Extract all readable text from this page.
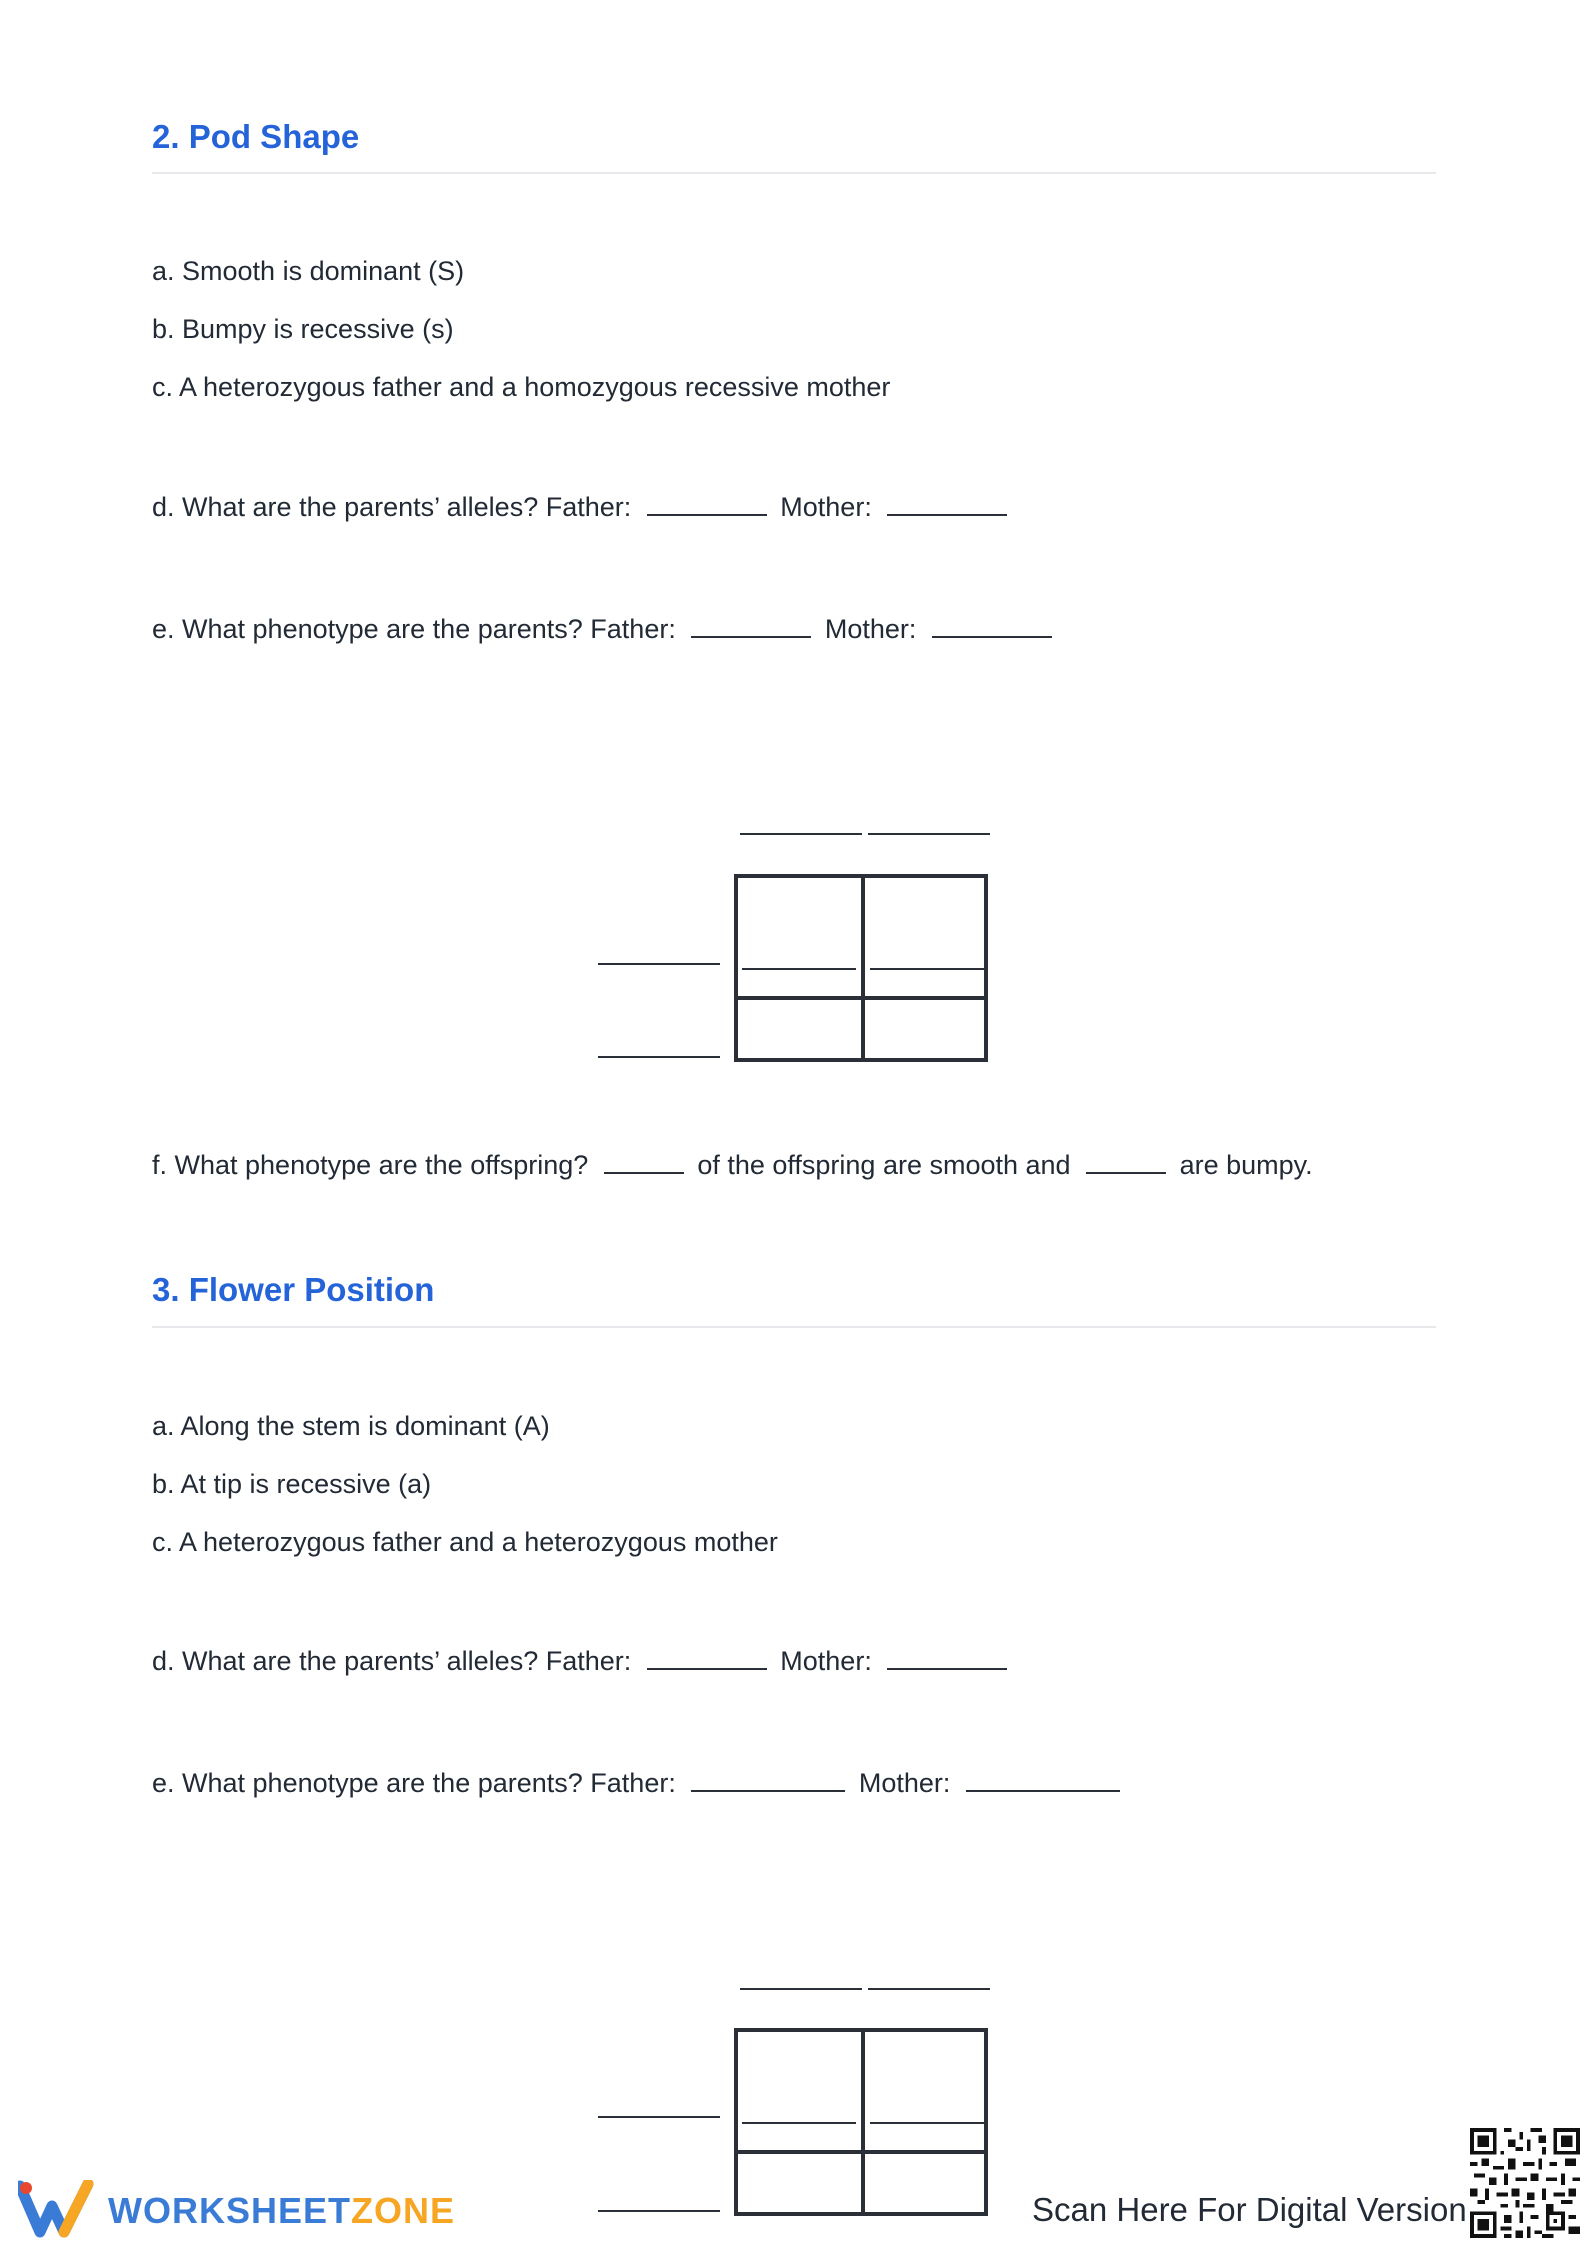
2. Pod Shape
a. Smooth is dominant (S)
b. Bumpy is recessive (s)
c. A heterozygous father and a homozygous recessive mother
d. What are the parents’ alleles? Father:	Mother:
e. What phenotype are the parents? Father:	Mother:
f. What phenotype are the offspring?	of the offspring are smooth and	are bumpy.
3. Flower Position
a. Along the stem is dominant (A)
b. At tip is recessive (a)
c. A heterozygous father and a heterozygous mother
d. What are the parents’ alleles? Father:	Mother:
e. What phenotype are the parents? Father:	Mother:
WORKSHEETZONE	Scan Here For Digital Version
